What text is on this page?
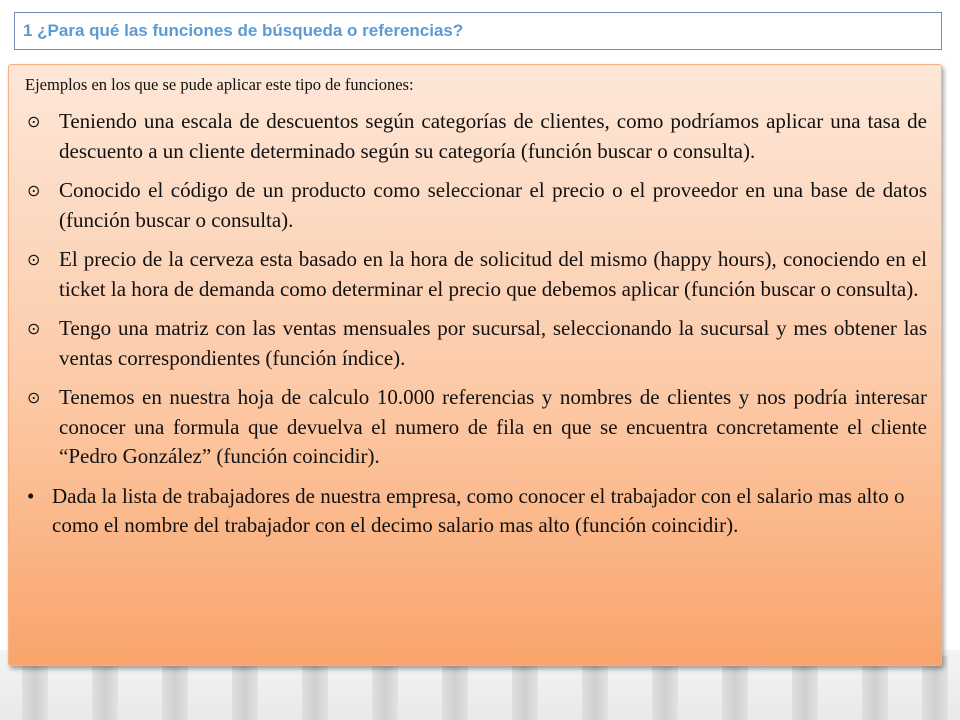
1 ¿Para qué las funciones de búsqueda o referencias?

Ejemplos en los que se pude aplicar este tipo de funciones:

⊙ Teniendo una escala de descuentos según categorías de clientes, como podríamos aplicar una tasa de descuento a un cliente determinado según su categoría (función buscar o consulta).
⊙ Conocido el código de un producto como seleccionar el precio o el proveedor en una base de datos (función buscar o consulta).
⊙ El precio de la cerveza esta basado en la hora de solicitud del mismo (happy hours), conociendo en el ticket la hora de demanda como determinar el precio que debemos aplicar (función buscar o consulta).
⊙ Tengo una matriz con las ventas mensuales por sucursal, seleccionando la sucursal y mes obtener las ventas correspondientes (función índice).
⊙ Tenemos en nuestra hoja de calculo 10.000 referencias y nombres de clientes y nos podría interesar conocer una formula que devuelva el numero de fila en que se encuentra concretamente el cliente “Pedro González” (función coincidir).
• Dada la lista de trabajadores de nuestra empresa, como conocer el trabajador con el salario mas alto o como el nombre del trabajador con el decimo salario mas alto (función coincidir).
